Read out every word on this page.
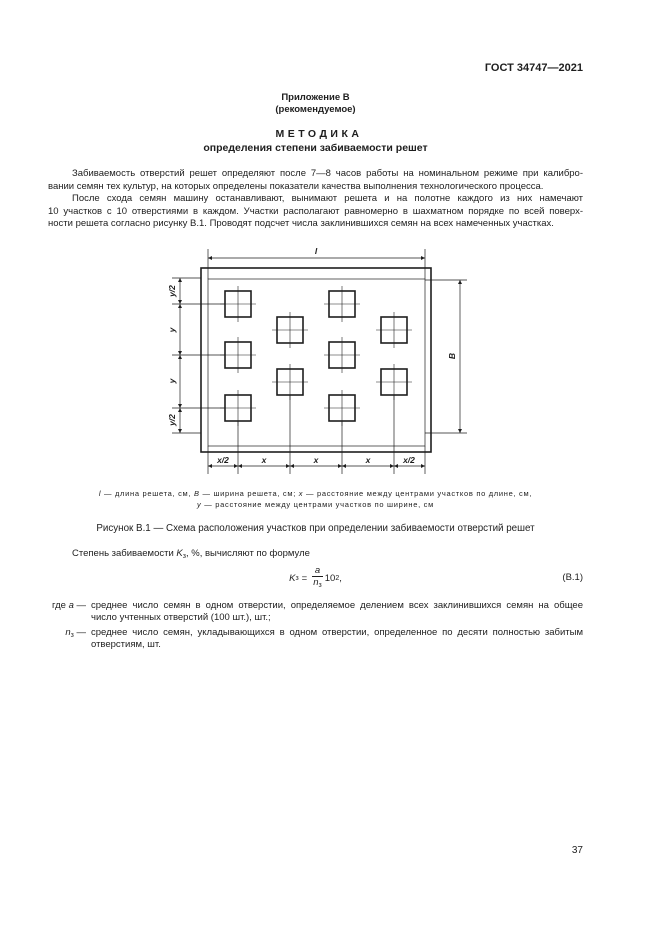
ГОСТ 34747—2021
Приложение В
(рекомендуемое)
МЕТОДИКА
определения степени забиваемости решет
Забиваемость отверстий решет определяют после 7—8 часов работы на номинальном режиме при калибро-
вании семян тех культур, на которых определены показатели качества выполнения технологического процесса.
После схода семян машину останавливают, вынимают решета и на полотне каждого из них намечают
10 участков с 10 отверстиями в каждом. Участки располагают равномерно в шахматном порядке по всей поверх-
ности решета согласно рисунку В.1. Проводят подсчет числа заклинившихся семян на всех намеченных участках.
l
B
y/2
y
y
y/2
x/2	x	x	x	x/2
l — длина решета, см, B — ширина решета, см; x — расстояние между центрами участков по длине, см,
y — расстояние между центрами участков по ширине, см
Рисунок В.1 — Схема расположения участков при определении забиваемости отверстий решет
Степень забиваемости $K_з$, %, вычисляют по формуле
K $з = \frac{a}{n_з} 10$ 2 ,	(В.1)
где a — среднее число семян в одном отверстии, определяемое делением всех заклинившихся семян на общее
число учтенных отверстий (100 шт.), шт.;
$n_з$ — среднее число семян, укладывающихся в одном отверстии, определенное по десяти полностью забитым
отверстиям, шт.
37
